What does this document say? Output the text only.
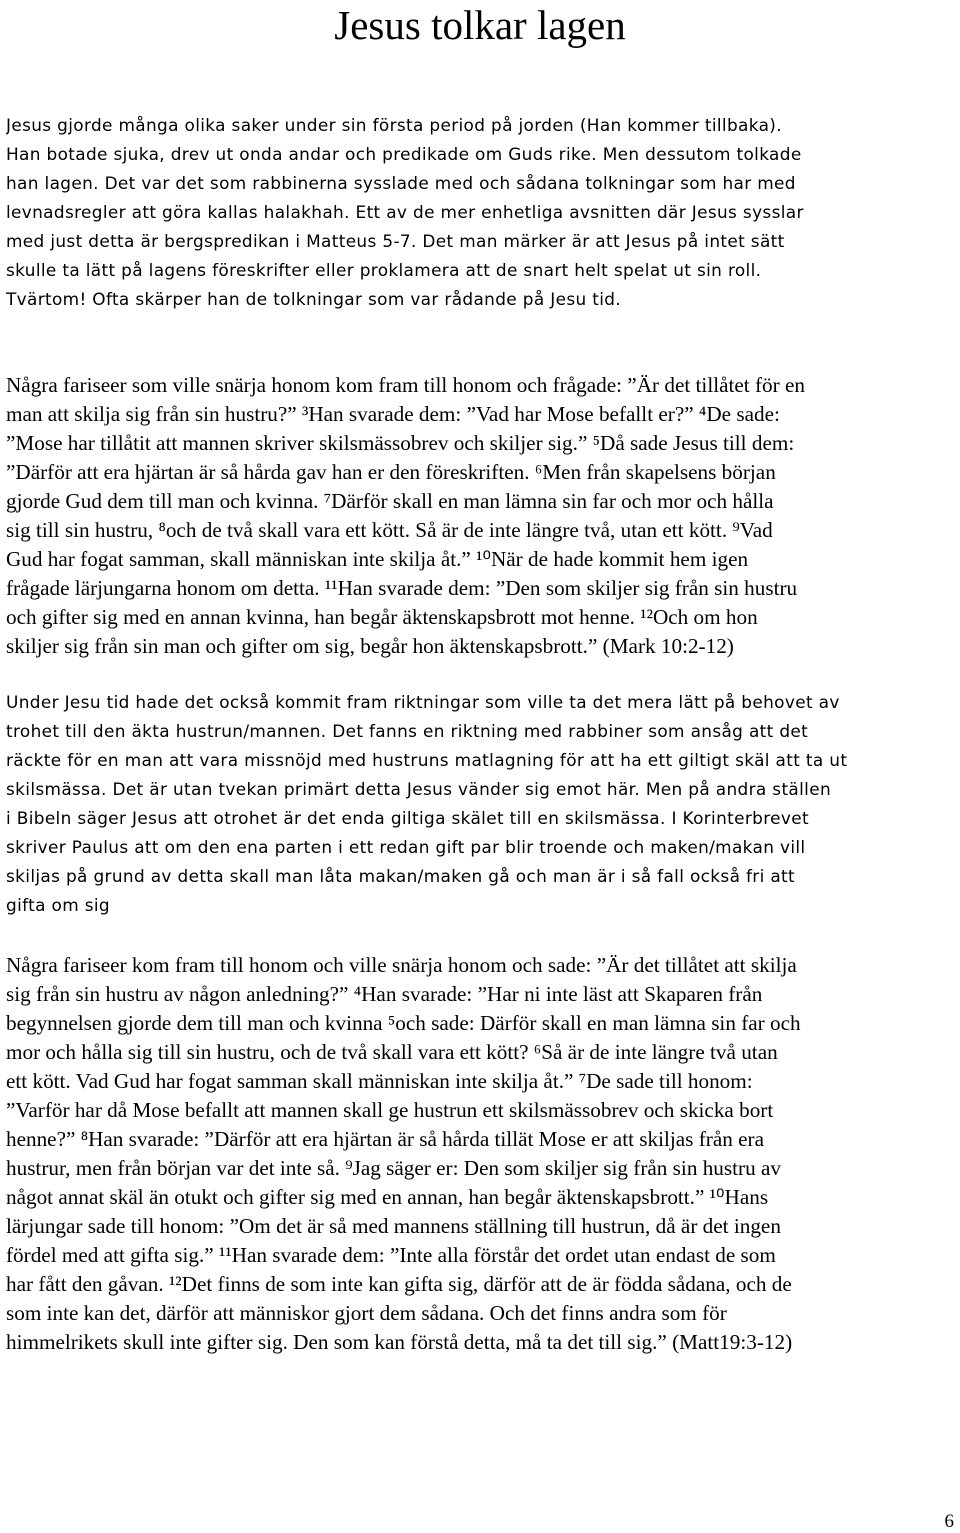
Jesus tolkar lagen
Jesus gjorde många olika saker under sin första period på jorden (Han kommer tillbaka).
Han botade sjuka, drev ut onda andar och predikade om Guds rike. Men dessutom tolkade
han lagen. Det var det som rabbinerna sysslade med och sådana tolkningar som har med
levnadsregler att göra kallas halakhah. Ett av de mer enhetliga avsnitten där Jesus sysslar
med just detta är bergspredikan i Matteus 5-7. Det man märker är att Jesus på intet sätt
skulle ta lätt på lagens föreskrifter eller proklamera att de snart helt spelat ut sin roll.
Tvärtom! Ofta skärper han de tolkningar som var rådande på Jesu tid.
Några fariseer som ville snärja honom kom fram till honom och frågade: ”Är det tillåtet för en
man att skilja sig från sin hustru?” ³Han svarade dem: ”Vad har Mose befallt er?” ⁴De sade:
”Mose har tillåtit att mannen skriver skilsmässobrev och skiljer sig.” ⁵Då sade Jesus till dem:
”Därför att era hjärtan är så hårda gav han er den föreskriften. ⁶Men från skapelsens början
gjorde Gud dem till man och kvinna. ⁷Därför skall en man lämna sin far och mor och hålla
sig till sin hustru, ⁸och de två skall vara ett kött. Så är de inte längre två, utan ett kött. ⁹Vad
Gud har fogat samman, skall människan inte skilja åt.” ¹⁰När de hade kommit hem igen
frågade lärjungarna honom om detta. ¹¹Han svarade dem: ”Den som skiljer sig från sin hustru
och gifter sig med en annan kvinna, han begår äktenskapsbrott mot henne. ¹²Och om hon
skiljer sig från sin man och gifter om sig, begår hon äktenskapsbrott.” (Mark 10:2-12)
Under Jesu tid hade det också kommit fram riktningar som ville ta det mera lätt på behovet av
trohet till den äkta hustrun/mannen. Det fanns en riktning med rabbiner som ansåg att det
räckte för en man att vara missnöjd med hustruns matlagning för att ha ett giltigt skäl att ta ut
skilsmässa. Det är utan tvekan primärt detta Jesus vänder sig emot här. Men på andra ställen
i Bibeln säger Jesus att otrohet är det enda giltiga skälet till en skilsmässa. I Korinterbrevet
skriver Paulus att om den ena parten i ett redan gift par blir troende och maken/makan vill
skiljas på grund av detta skall man låta makan/maken gå och man är i så fall också fri att
gifta om sig
Några fariseer kom fram till honom och ville snärja honom och sade: ”Är det tillåtet att skilja
sig från sin hustru av någon anledning?” ⁴Han svarade: ”Har ni inte läst att Skaparen från
begynnelsen gjorde dem till man och kvinna ⁵och sade: Därför skall en man lämna sin far och
mor och hålla sig till sin hustru, och de två skall vara ett kött? ⁶Så är de inte längre två utan
ett kött. Vad Gud har fogat samman skall människan inte skilja åt.” ⁷De sade till honom:
”Varför har då Mose befallt att mannen skall ge hustrun ett skilsmässobrev och skicka bort
henne?” ⁸Han svarade: ”Därför att era hjärtan är så hårda tillät Mose er att skiljas från era
hustrur, men från början var det inte så. ⁹Jag säger er: Den som skiljer sig från sin hustru av
något annat skäl än otukt och gifter sig med en annan, han begår äktenskapsbrott.” ¹⁰Hans
lärjungar sade till honom: ”Om det är så med mannens ställning till hustrun, då är det ingen
fördel med att gifta sig.” ¹¹Han svarade dem: ”Inte alla förstår det ordet utan endast de som
har fått den gåvan. ¹²Det finns de som inte kan gifta sig, därför att de är födda sådana, och de
som inte kan det, därför att människor gjort dem sådana. Och det finns andra som för
himmelrikets skull inte gifter sig. Den som kan förstå detta, må ta det till sig.” (Matt19:3-12)
6
